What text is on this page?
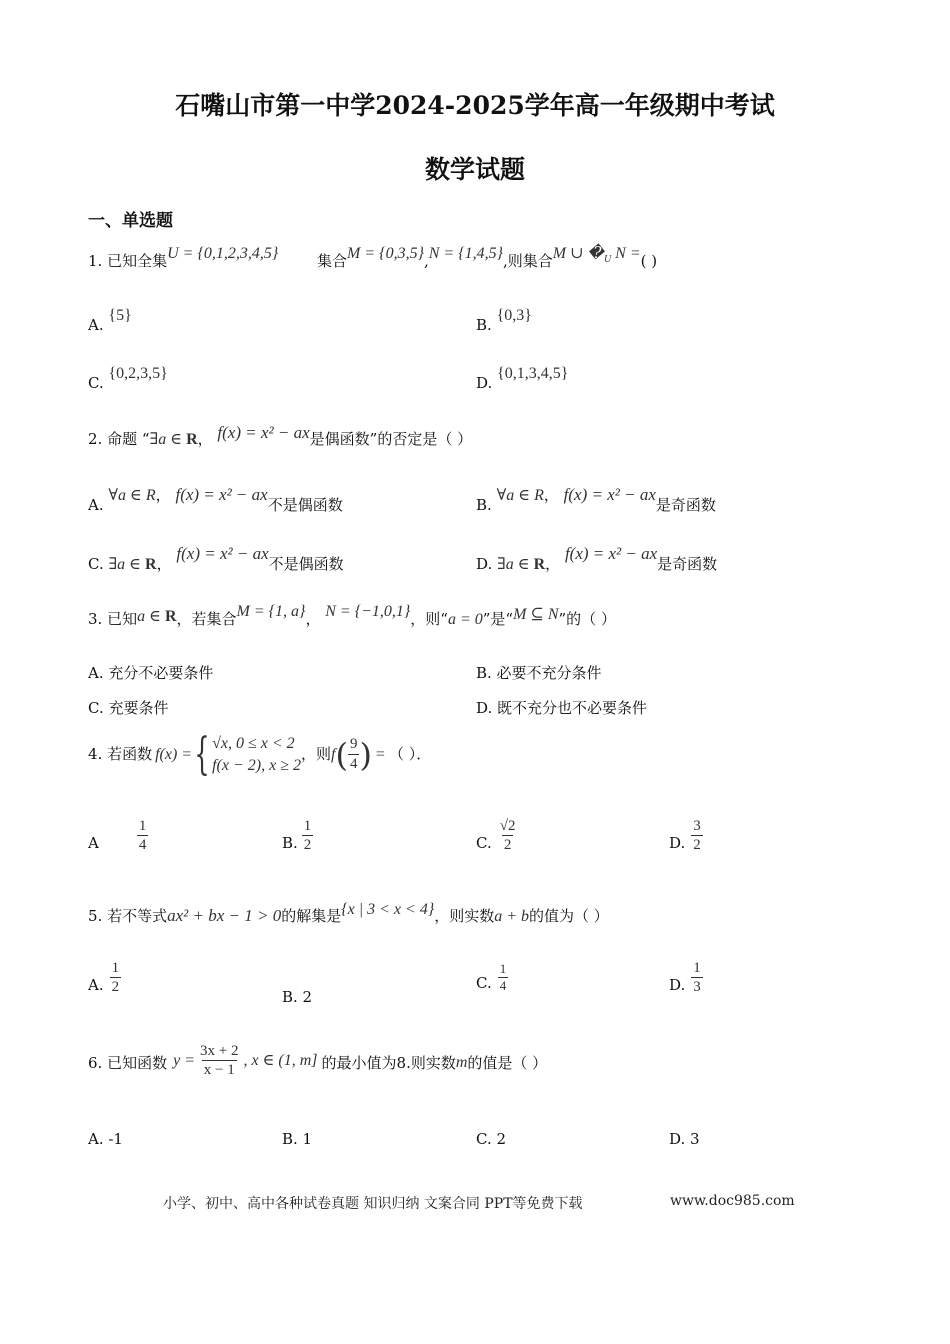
石嘴山市第一中学2024-2025学年高一年级期中考试
数学试题
一、单选题
1. 已知全集U = {0,1,2,3,4,5}	集合M = {0,3,5},N = {1,4,5},则集合M ∪ $�_U$ N =( )
A. {5}
B. {0,3}
C. {0,2,3,5}
D. {0,1,3,4,5}
2. 命题 “∃a ∈ R， f(x) = x² − ax是偶函数”的否定是（ ）
A. ∀a ∈ R， f(x) = x² − ax不是偶函数	B. ∀a ∈ R， f(x) = x² − ax是奇函数
C. ∃a ∈ R， f(x) = x² − ax不是偶函数	D. ∃a ∈ R， f(x) = x² − ax是奇函数
3. 已知a ∈ R，若集合M = {1, a}， N = {−1,0,1}，则“a = 0”是“M ⊆ N”的（ ）
A. 充分不必要条件	B. 必要不充分条件
C. 充要条件	D. 既不充分也不必要条件
4. 若函数 f(x) = { √x, 0 ≤ x < 2
f(x − 2), x ≥ 2
，则 f ( $\frac{9}{4}$ ) = （ ）．
A	$\frac{1}{4}$	B. $\frac{1}{2}$	C. $\frac{√2}{2}$	D. $\frac{3}{2}$
5. 若不等式ax² + bx − 1 > 0的解集是{x | 3 < x < 4}，则实数a + b的值为（ ）
A. $\frac{1}{2}$
B. 2
C. $\frac{1}{4}$	D. $\frac{1}{3}$
6. 已知函数 $y = \frac{3x + 2}{x - 1}$ , x ∈ (1, m] 的最小值为8.则实数 m 的值是（ ）
A. -1	B. 1	C. 2	D. 3
小学、初中、高中各种试卷真题 知识归纳 文案合同 PPT等免费下载	www.doc985.com
